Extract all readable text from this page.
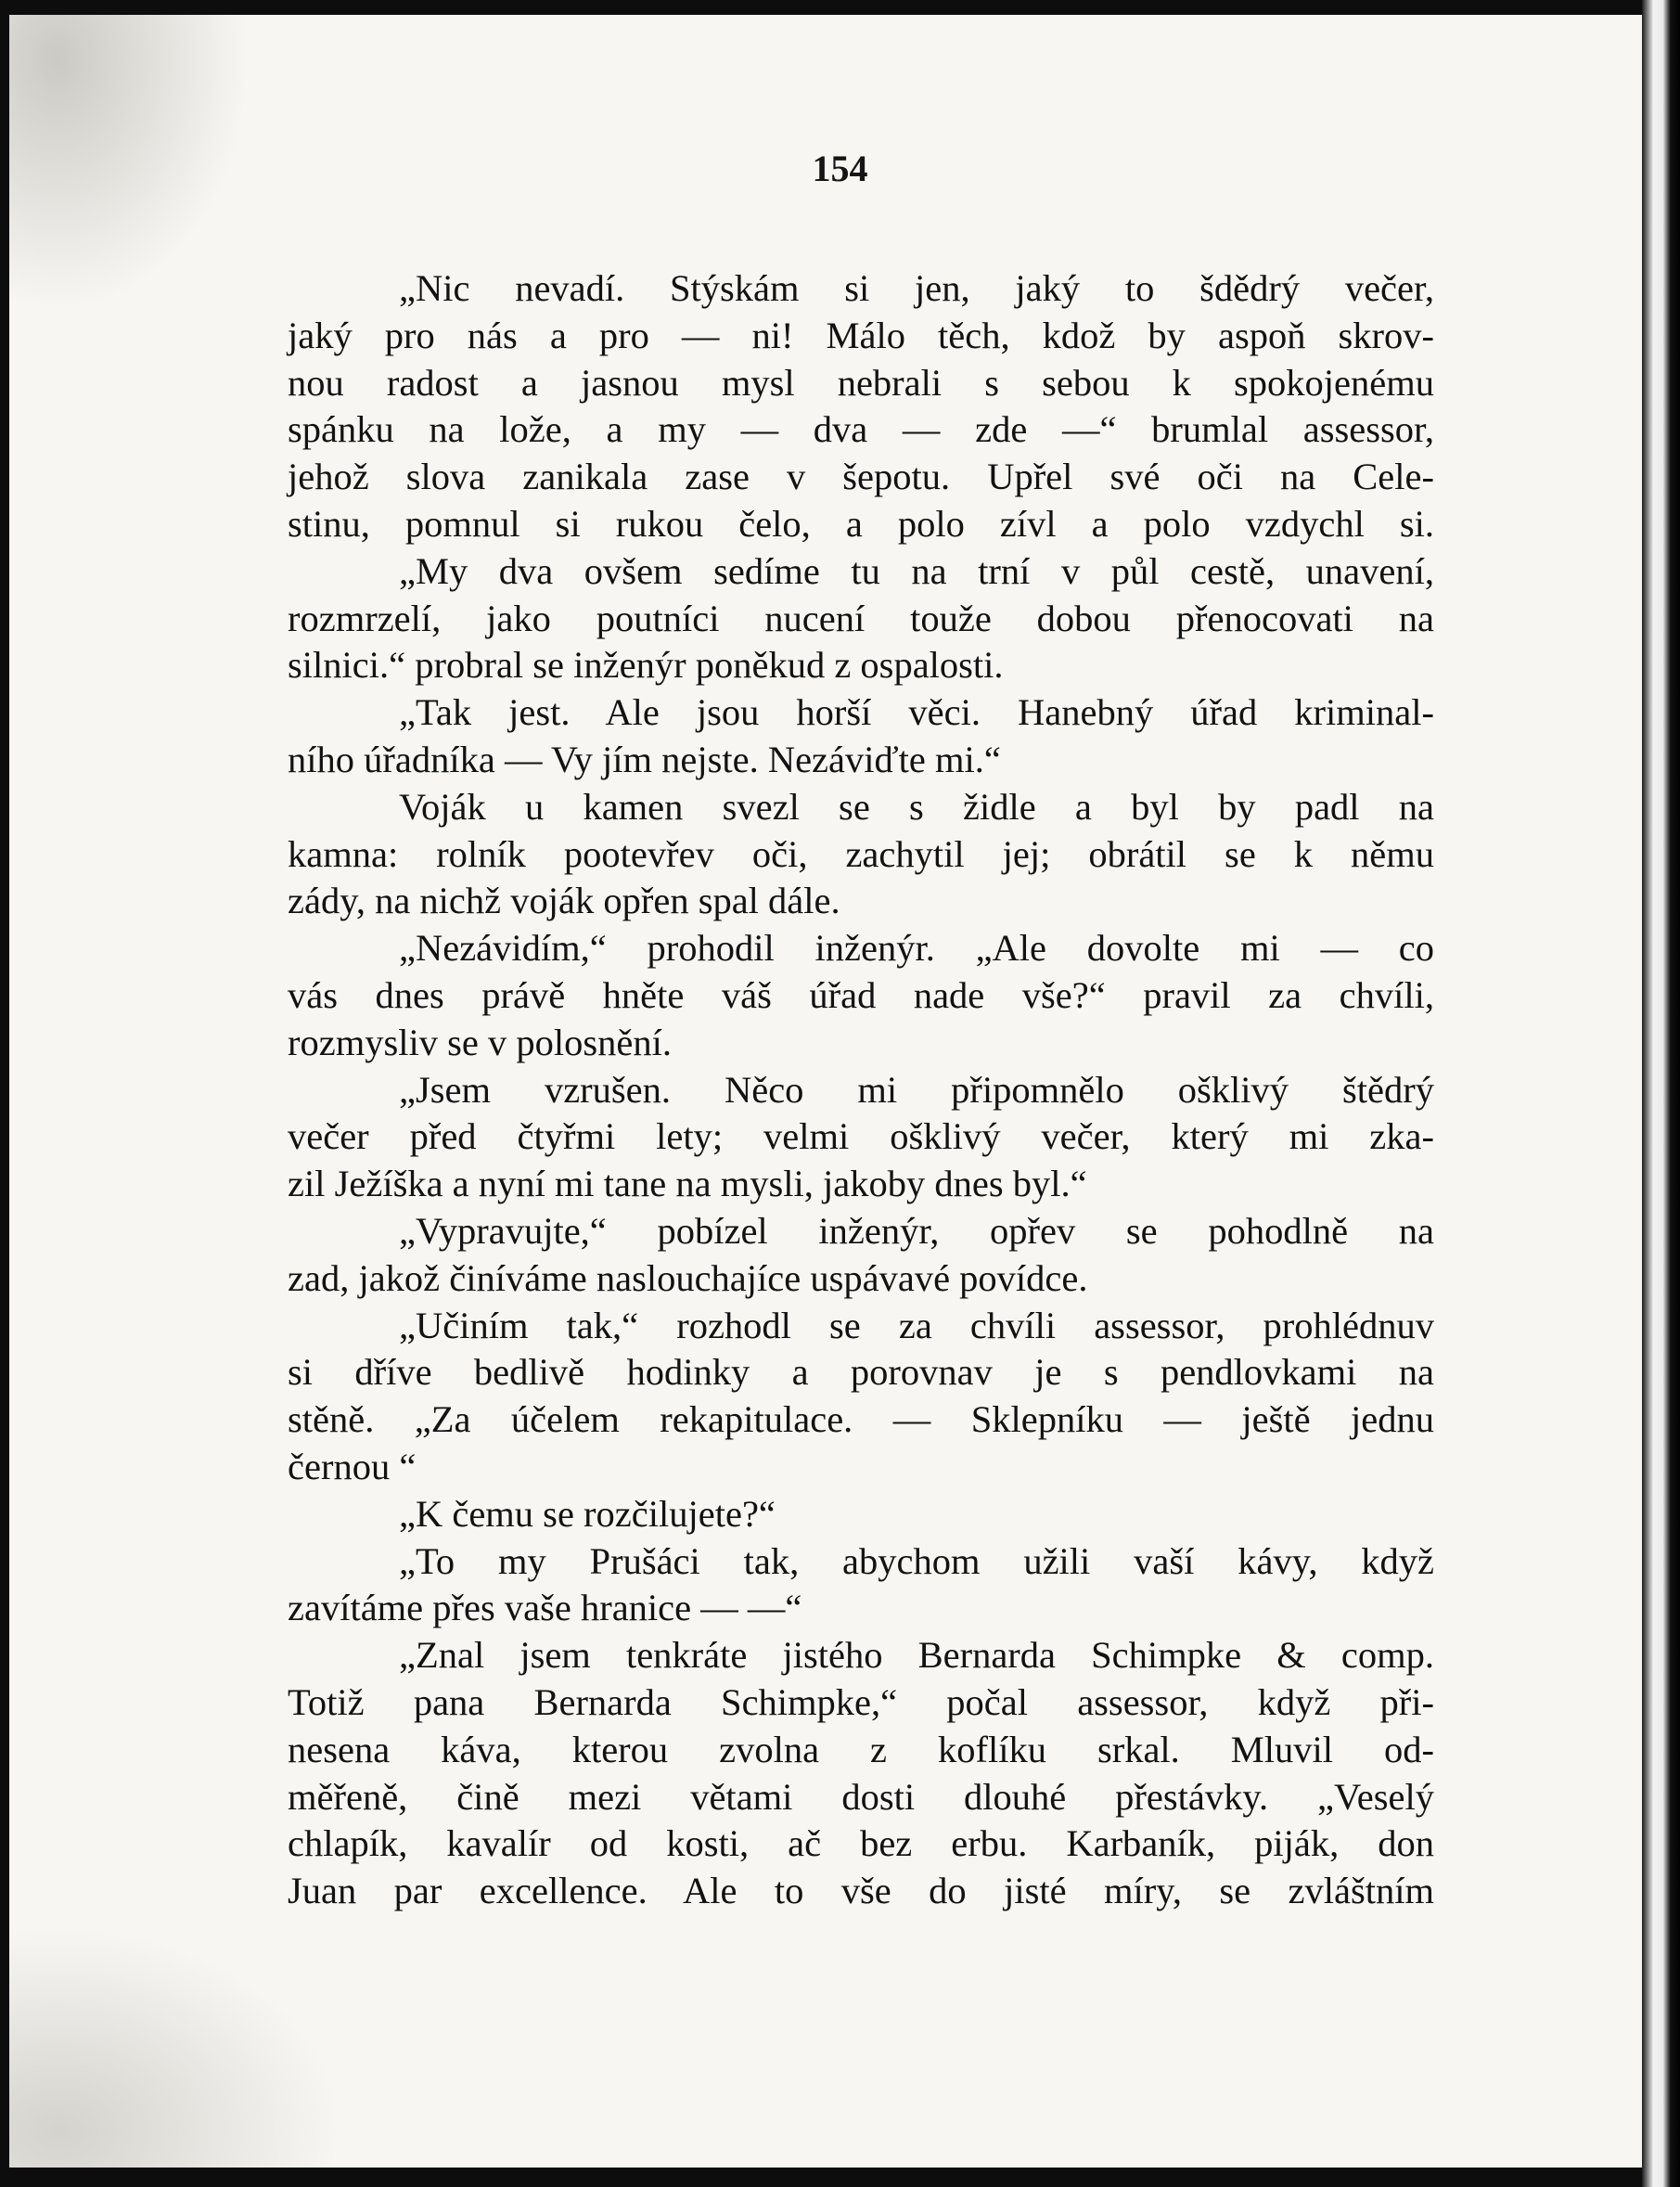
154
„Nic nevadí. Stýskám si jen, jaký to šdědrý večer,
jaký pro nás a pro — ni! Málo těch, kdož by aspoň skrov-
nou radost a jasnou mysl nebrali s sebou k spokojenému
spánku na lože, a my — dva — zde —“ brumlal assessor,
jehož slova zanikala zase v šepotu. Upřel své oči na Cele-
stinu, pomnul si rukou čelo, a polo zívl a polo vzdychl si.
„My dva ovšem sedíme tu na trní v půl cestě, unavení,
rozmrzelí, jako poutníci nucení touže dobou přenocovati na
silnici.“ probral se inženýr poněkud z ospalosti.
„Tak jest. Ale jsou horší věci. Hanebný úřad kriminal-
ního úřadníka — Vy jím nejste. Nezáviďte mi.“
Voják u kamen svezl se s židle a byl by padl na
kamna: rolník pootevřev oči, zachytil jej; obrátil se k němu
zády, na nichž voják opřen spal dále.
„Nezávidím,“ prohodil inženýr. „Ale dovolte mi — co
vás dnes právě hněte váš úřad nade vše?“ pravil za chvíli,
rozmysliv se v polosnění.
„Jsem vzrušen. Něco mi připomnělo ošklivý štědrý
večer před čtyřmi lety; velmi ošklivý večer, který mi zka-
zil Ježíška a nyní mi tane na mysli, jakoby dnes byl.“
„Vypravujte,“ pobízel inženýr, opřev se pohodlně na
zad, jakož činíváme naslouchajíce uspávavé povídce.
„Učiním tak,“ rozhodl se za chvíli assessor, prohlédnuv
si dříve bedlivě hodinky a porovnav je s pendlovkami na
stěně. „Za účelem rekapitulace. — Sklepníku — ještě jednu
černou “
„K čemu se rozčilujete?“
„To my Prušáci tak, abychom užili vaší kávy, když
zavítáme přes vaše hranice — —“
„Znal jsem tenkráte jistého Bernarda Schimpke & comp.
Totiž pana Bernarda Schimpke,“ počal assessor, když při-
nesena káva, kterou zvolna z koflíku srkal. Mluvil od-
měřeně, čině mezi větami dosti dlouhé přestávky. „Veselý
chlapík, kavalír od kosti, ač bez erbu. Karbaník, piják, don
Juan par excellence. Ale to vše do jisté míry, se zvláštním
